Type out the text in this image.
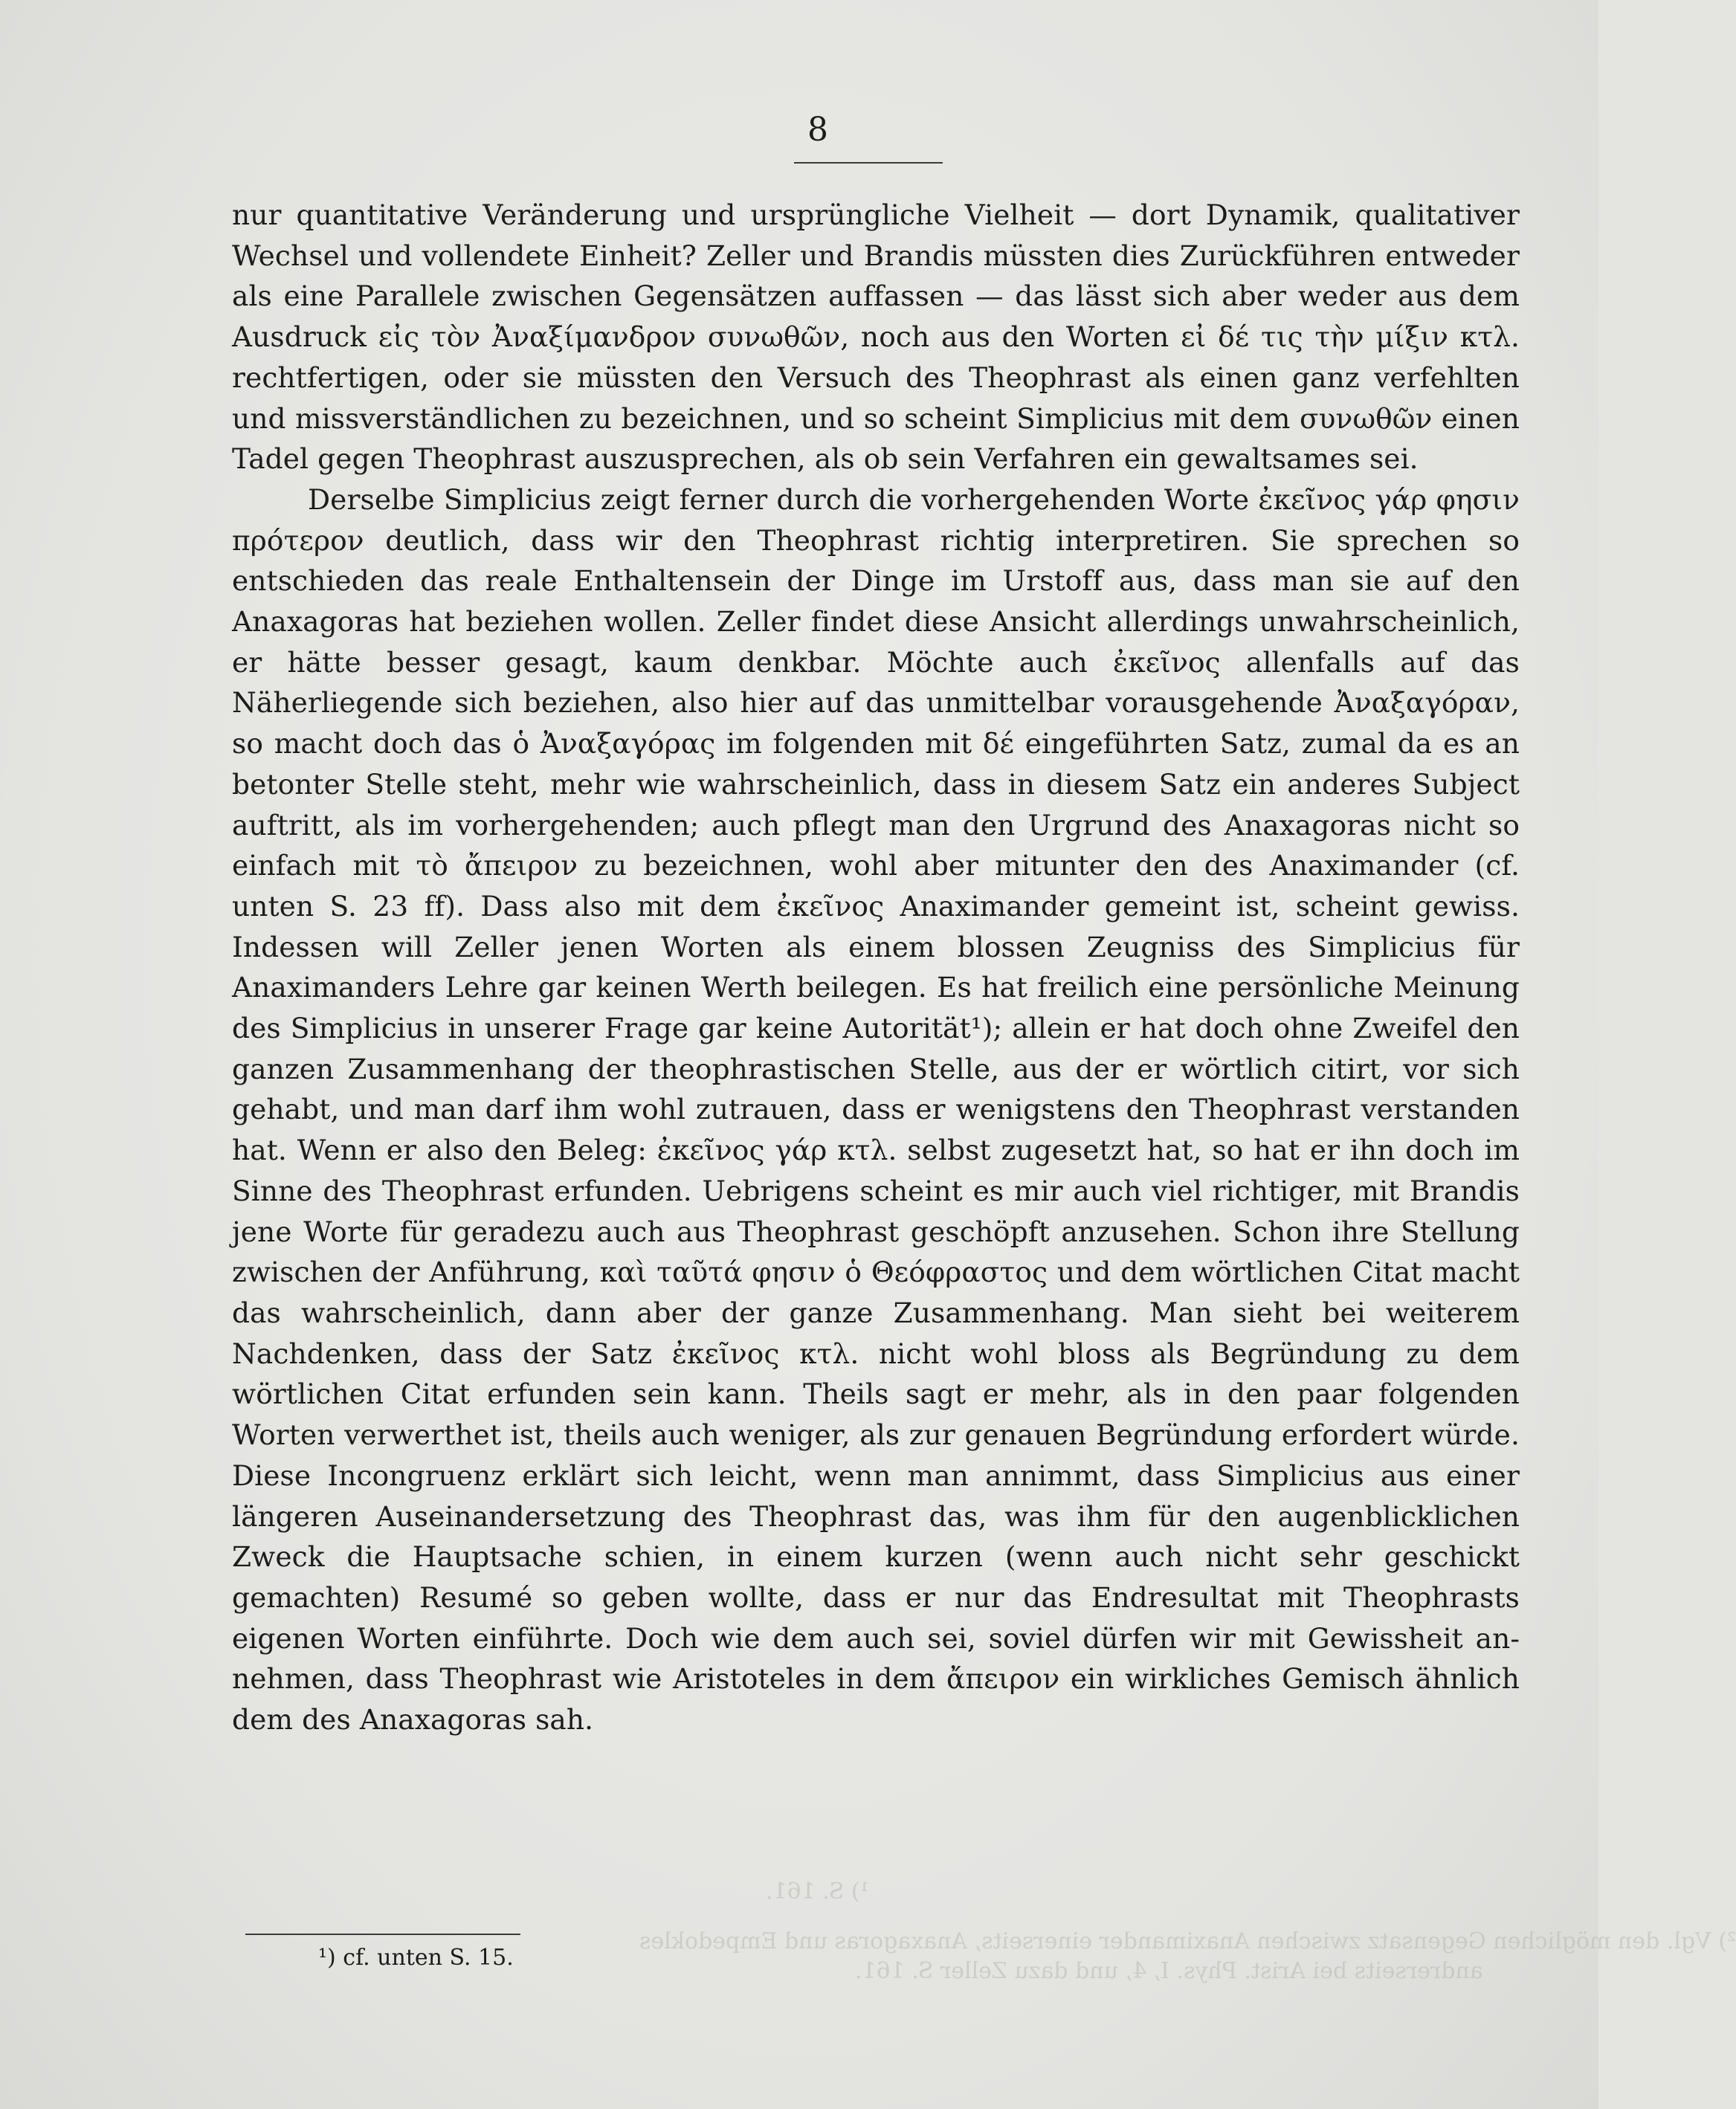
8

nur quantitative Veränderung und ursprüngliche Vielheit — dort Dynamik, qualitativer Wechsel und vollendete Einheit? Zeller und Brandis müssten dies Zurückführen entweder als eine Parallele zwischen Gegensätzen auffassen — das lässt sich aber weder aus dem Ausdruck εἰς τὸν Ἀναξίμανδρον συνωθῶν, noch aus den Worten εἰ δέ τις τὴν μίξιν κτλ. rechtfertigen, oder sie müssten den Versuch des Theophrast als einen ganz verfehlten und missverständlichen zu bezeichnen, und so scheint Simplicius mit dem συνωθῶν einen Tadel gegen Theophrast auszusprechen, als ob sein Verfahren ein gewaltsames sei.

Derselbe Simplicius zeigt ferner durch die vorhergehenden Worte ἐκεῖνος γάρ φησιν πρότερον deutlich, dass wir den Theophrast richtig interpretiren. Sie sprechen so entschieden das reale Enthaltensein der Dinge im Urstoff aus, dass man sie auf den Anaxagoras hat beziehen wollen. Zeller findet diese Ansicht allerdings unwahrscheinlich, er hätte besser gesagt, kaum denkbar. Möchte auch ἐκεῖνος allenfalls auf das Näherliegende sich beziehen, also hier auf das unmittelbar vorausgehende Ἀναξαγόραν, so macht doch das ὁ Ἀναξαγόρας im folgenden mit δέ eingeführten Satz, zumal da es an betonter Stelle steht, mehr wie wahrscheinlich, dass in diesem Satz ein anderes Subject auftritt, als im vorhergehenden; auch pflegt man den Urgrund des Anaxagoras nicht so einfach mit τὸ ἄπειρον zu bezeichnen, wohl aber mitunter den des Anaximander (cf. unten S. 23 ff). Dass also mit dem ἐκεῖνος Anaximander gemeint ist, scheint gewiss. Indessen will Zeller jenen Worten als einem blossen Zeugniss des Simplicius für Anaximanders Lehre gar keinen Werth beilegen. Es hat freilich eine persönliche Meinung des Simplicius in unserer Frage gar keine Autorität¹); allein er hat doch ohne Zweifel den ganzen Zusammenhang der theophrastischen Stelle, aus der er wörtlich citirt, vor sich gehabt, und man darf ihm wohl zutrauen, dass er wenigstens den Theophrast verstanden hat. Wenn er also den Beleg: ἐκεῖνος γάρ κτλ. selbst zugesetzt hat, so hat er ihn doch im Sinne des Theophrast erfunden. Uebrigens scheint es mir auch viel richtiger, mit Brandis jene Worte für geradezu auch aus Theophrast geschöpft anzusehen. Schon ihre Stellung zwischen der Anführung, καὶ ταῦτά φησιν ὁ Θεόφραστος und dem wörtlichen Citat macht das wahrscheinlich, dann aber der ganze Zusammenhang. Man sieht bei weiterem Nachdenken, dass der Satz ἐκεῖνος κτλ. nicht wohl bloss als Begründung zu dem wörtlichen Citat erfunden sein kann. Theils sagt er mehr, als in den paar folgenden Worten verwerthet ist, theils auch weniger, als zur genauen Begründung erfordert würde. Diese Incongruenz erklärt sich leicht, wenn man annimmt, dass Simplicius aus einer längeren Auseinandersetzung des Theophrast das, was ihm für den augenblicklichen Zweck die Hauptsache schien, in einem kurzen (wenn auch nicht sehr geschickt gemachten) Resumé so geben wollte, dass er nur das Endresultat mit Theophrasts eigenen Worten einführte. Doch wie dem auch sei, soviel dürfen wir mit Gewissheit annehmen, dass Theophrast wie Aristoteles in dem ἄπειρον ein wirkliches Gemisch ähnlich dem des Anaxagoras sah.

¹) cf. unten S. 15.
¹) S. 161.
²) Vgl. den möglichen Gegensatz zwischen Anaximander einerseits, Anaxagoras und Empedokles
andrerseits bei Arist. Phys. I, 4, und dazu Zeller S. 161.
